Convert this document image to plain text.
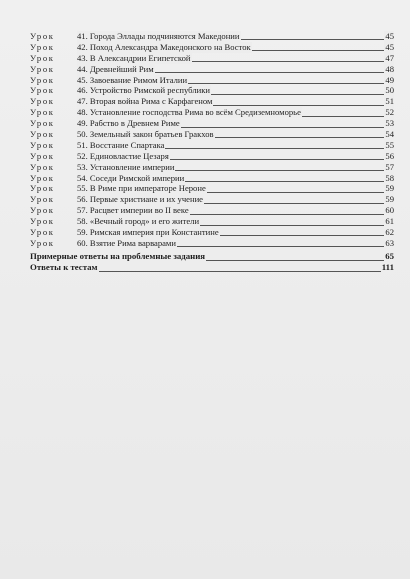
Урок	41. Города Эллады подчиняются Македонии	45
Урок	42. Поход Александра Македонского на Восток	45
Урок	43. В Александрии Египетской	47
Урок	44. Древнейший Рим	48
Урок	45. Завоевание Римом Италии	49
Урок	46. Устройство Римской республики	50
Урок	47. Вторая война Рима с Карфагеном	51
Урок	48. Установление господства Рима во всём Средиземноморье	52
Урок	49. Рабство в Древнем Риме	53
Урок	50. Земельный закон братьев Гракхов	54
Урок	51. Восстание Спартака	55
Урок	52. Единовластие Цезаря	56
Урок	53. Установление империи	57
Урок	54. Соседи Римской империи	58
Урок	55. В Риме при императоре Нероне	59
Урок	56. Первые христиане и их учение	59
Урок	57. Расцвет империи во II веке	60
Урок	58. «Вечный город» и его жители	61
Урок	59. Римская империя при Константине	62
Урок	60. Взятие Рима варварами	63
Примерные ответы на проблемные задания	65
Ответы к тестам	111
